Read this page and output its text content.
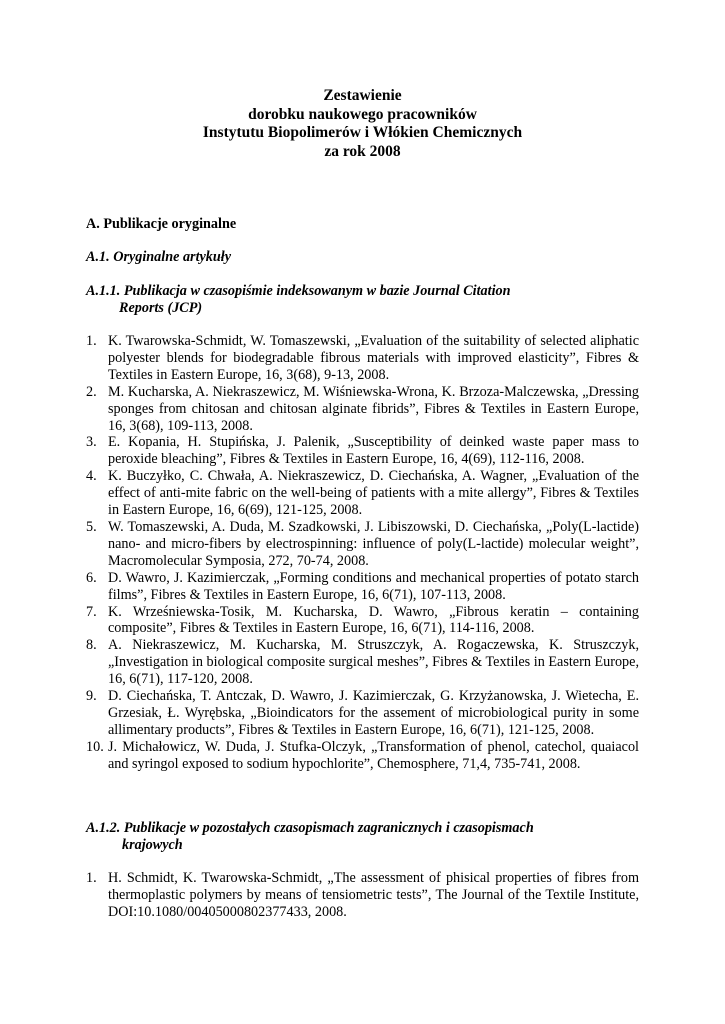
Zestawienie
dorobku naukowego pracowników
Instytutu Biopolimerów i Włókien Chemicznych
za rok 2008
A. Publikacje oryginalne
A.1. Oryginalne artykuły
A.1.1. Publikacja w czasopiśmie indeksowanym w bazie Journal Citation
Reports (JCP)
1. K. Twarowska-Schmidt, W. Tomaszewski, „Evaluation of the suitability of selected aliphatic polyester blends for biodegradable fibrous materials with improved elasticity”, Fibres & Textiles in Eastern Europe, 16, 3(68), 9-13, 2008.
2. M. Kucharska, A. Niekraszewicz, M. Wiśniewska-Wrona, K. Brzoza-Malczewska, „Dressing sponges from chitosan and chitosan alginate fibrids”, Fibres & Textiles in Eastern Europe, 16, 3(68), 109-113, 2008.
3. E. Kopania, H. Stupińska, J. Palenik, „Susceptibility of deinked waste paper mass to peroxide bleaching”, Fibres & Textiles in Eastern Europe, 16, 4(69), 112-116, 2008.
4. K. Buczyłko, C. Chwała, A. Niekraszewicz, D. Ciechańska, A. Wagner, „Evaluation of the effect of anti-mite fabric on the well-being of patients with a mite allergy”, Fibres & Textiles in Eastern Europe, 16, 6(69), 121-125, 2008.
5. W. Tomaszewski, A. Duda, M. Szadkowski, J. Libiszowski, D. Ciechańska, „Poly(L-lactide) nano- and micro-fibers by electrospinning: influence of poly(L-lactide) molecular weight”, Macromolecular Symposia, 272, 70-74, 2008.
6. D. Wawro, J. Kazimierczak, „Forming conditions and mechanical properties of potato starch films”, Fibres & Textiles in Eastern Europe, 16, 6(71), 107-113, 2008.
7. K. Wrześniewska-Tosik, M. Kucharska, D. Wawro, „Fibrous keratin – containing composite”, Fibres & Textiles in Eastern Europe, 16, 6(71), 114-116, 2008.
8. A. Niekraszewicz, M. Kucharska, M. Struszczyk, A. Rogaczewska, K. Struszczyk, „Investigation in biological composite surgical meshes”, Fibres & Textiles in Eastern Europe, 16, 6(71), 117-120, 2008.
9. D. Ciechańska, T. Antczak, D. Wawro, J. Kazimierczak, G. Krzyżanowska, J. Wietecha, E. Grzesiak, Ł. Wyrębska, „Bioindicators for the assement of microbiological purity in some allimentary products”, Fibres & Textiles in Eastern Europe, 16, 6(71), 121-125, 2008.
10. J. Michałowicz, W. Duda, J. Stufka-Olczyk, „Transformation of phenol, catechol, quaiacol and syringol exposed to sodium hypochlorite”, Chemosphere, 71,4, 735-741, 2008.
A.1.2. Publikacje w pozostałych czasopismach zagranicznych i czasopismach
krajowych
1. H. Schmidt, K. Twarowska-Schmidt, „The assessment of phisical properties of fibres from thermoplastic polymers by means of tensiometric tests”, The Journal of the Textile Institute, DOI:10.1080/00405000802377433, 2008.
